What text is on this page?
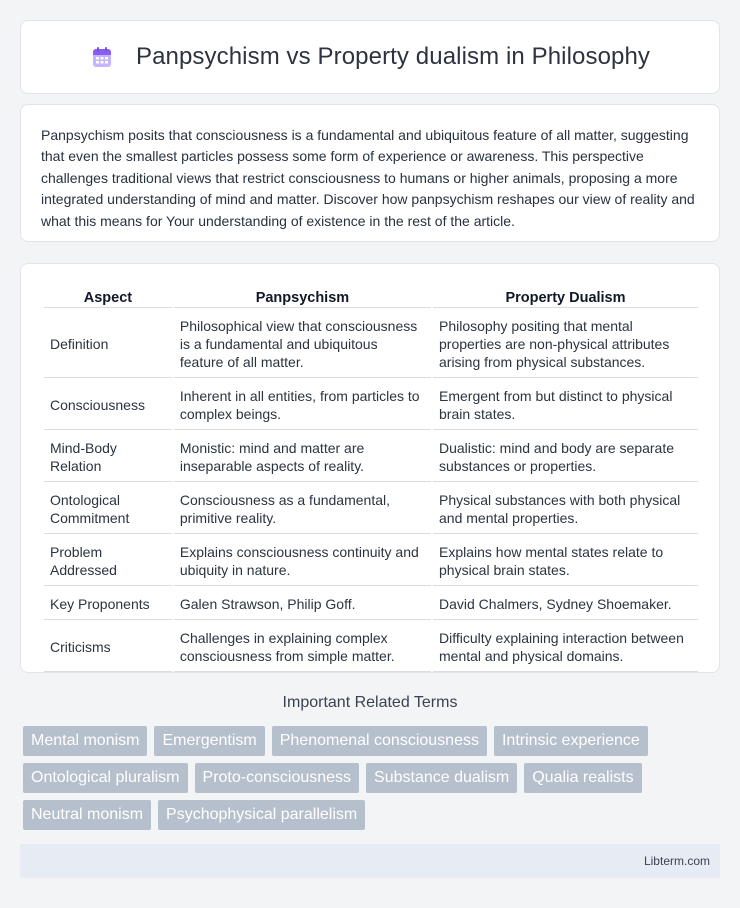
Panpsychism vs Property dualism in Philosophy

Panpsychism posits that consciousness is a fundamental and ubiquitous feature of all matter, suggesting that even the smallest particles possess some form of experience or awareness. This perspective challenges traditional views that restrict consciousness to humans or higher animals, proposing a more integrated understanding of mind and matter. Discover how panpsychism reshapes our view of reality and what this means for Your understanding of existence in the rest of the article.

Aspect	Panpsychism	Property Dualism
Definition	Philosophical view that consciousness is a fundamental and ubiquitous feature of all matter.	Philosophy positing that mental properties are non-physical attributes arising from physical substances.
Consciousness	Inherent in all entities, from particles to complex beings.	Emergent from but distinct to physical brain states.
Mind-Body Relation	Monistic: mind and matter are inseparable aspects of reality.	Dualistic: mind and body are separate substances or properties.
Ontological Commitment	Consciousness as a fundamental, primitive reality.	Physical substances with both physical and mental properties.
Problem Addressed	Explains consciousness continuity and ubiquity in nature.	Explains how mental states relate to physical brain states.
Key Proponents	Galen Strawson, Philip Goff.	David Chalmers, Sydney Shoemaker.
Criticisms	Challenges in explaining complex consciousness from simple matter.	Difficulty explaining interaction between mental and physical domains.
Important Related Terms
Mental monism	Emergentism	Phenomenal consciousness	Intrinsic experience
Ontological pluralism	Proto-consciousness	Substance dualism	Qualia realists
Neutral monism	Psychophysical parallelism
Libterm.com
